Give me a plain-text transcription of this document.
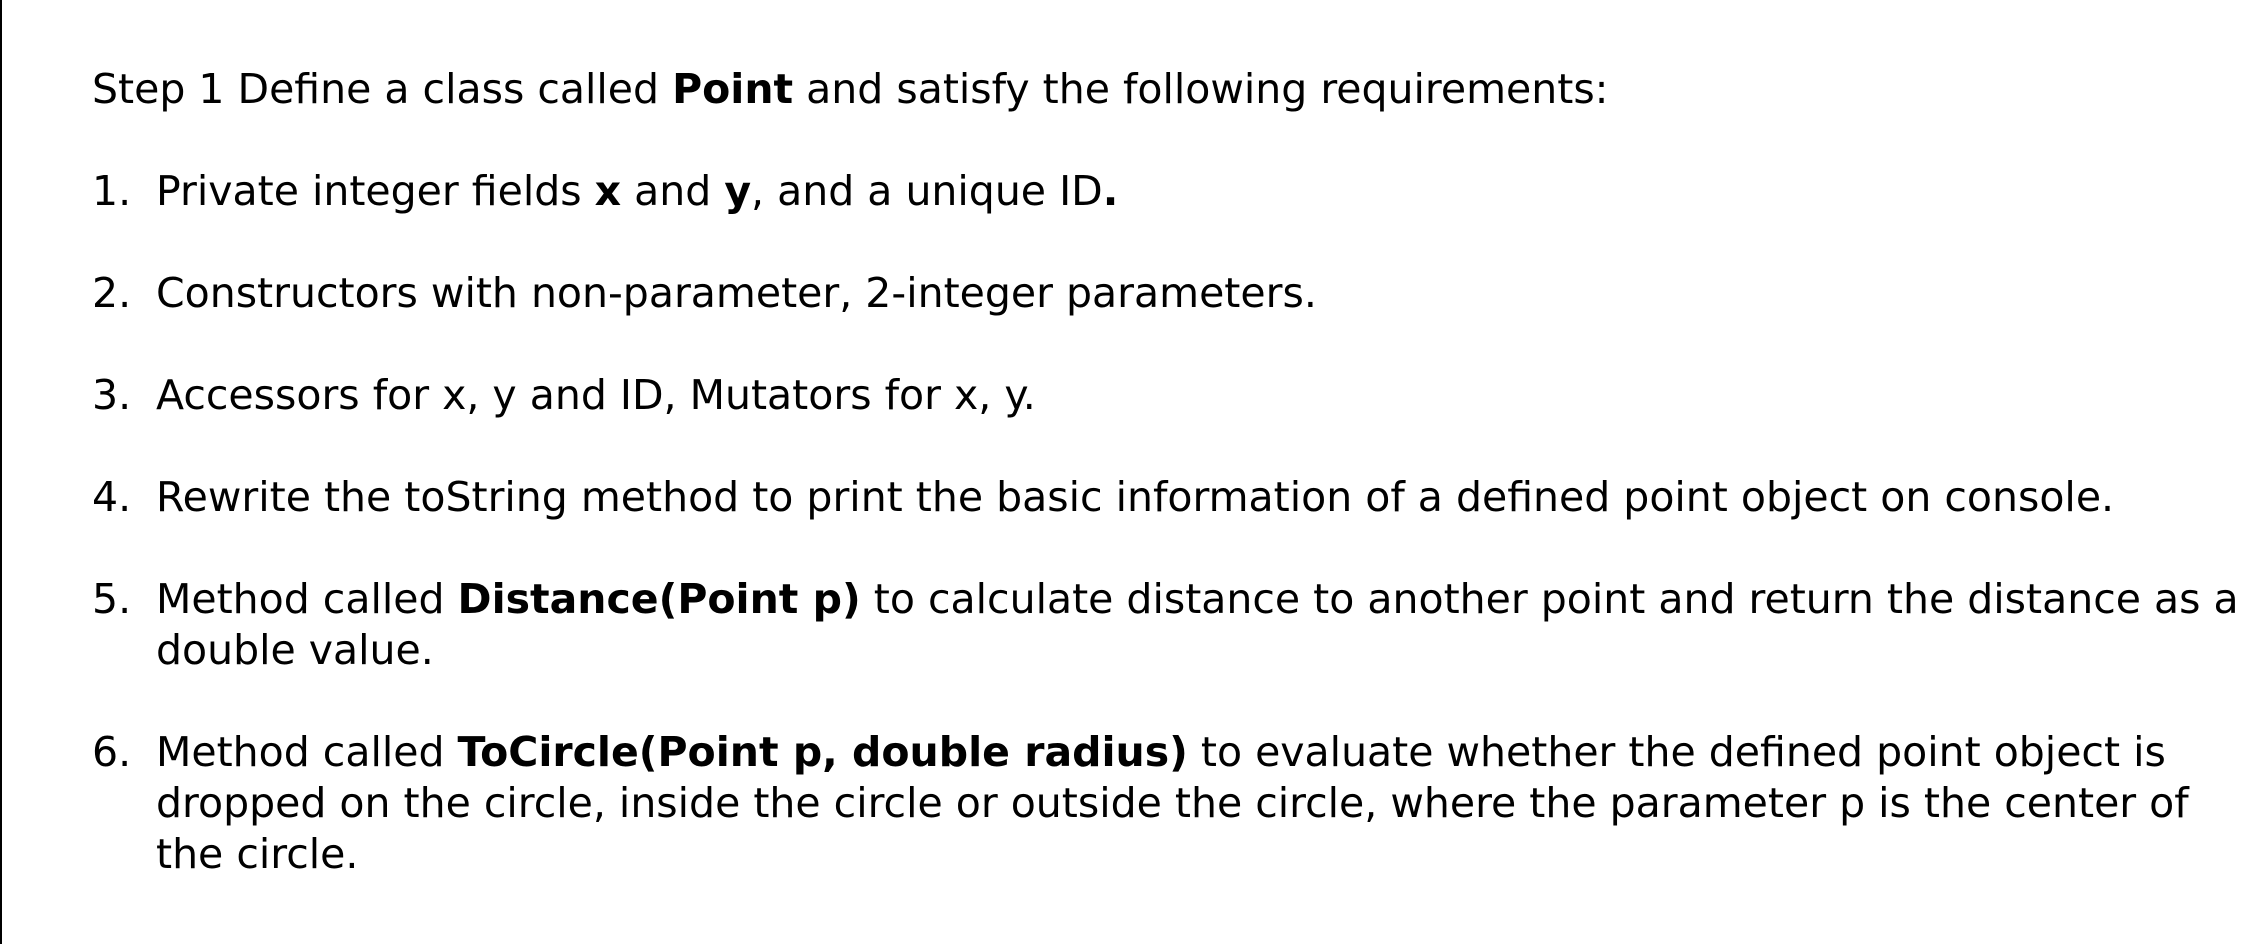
Step 1 Define a class called Point and satisfy the following requirements:

1. Private integer fields x and y, and a unique ID.
2. Constructors with non-parameter, 2-integer parameters.
3. Accessors for x, y and ID, Mutators for x, y.
4. Rewrite the toString method to print the basic information of a defined point object on console.
5. Method called Distance(Point p) to calculate distance to another point and return the distance as a double value.
6. Method called ToCircle(Point p, double radius) to evaluate whether the defined point object is dropped on the circle, inside the circle or outside the circle, where the parameter p is the center of the circle.
